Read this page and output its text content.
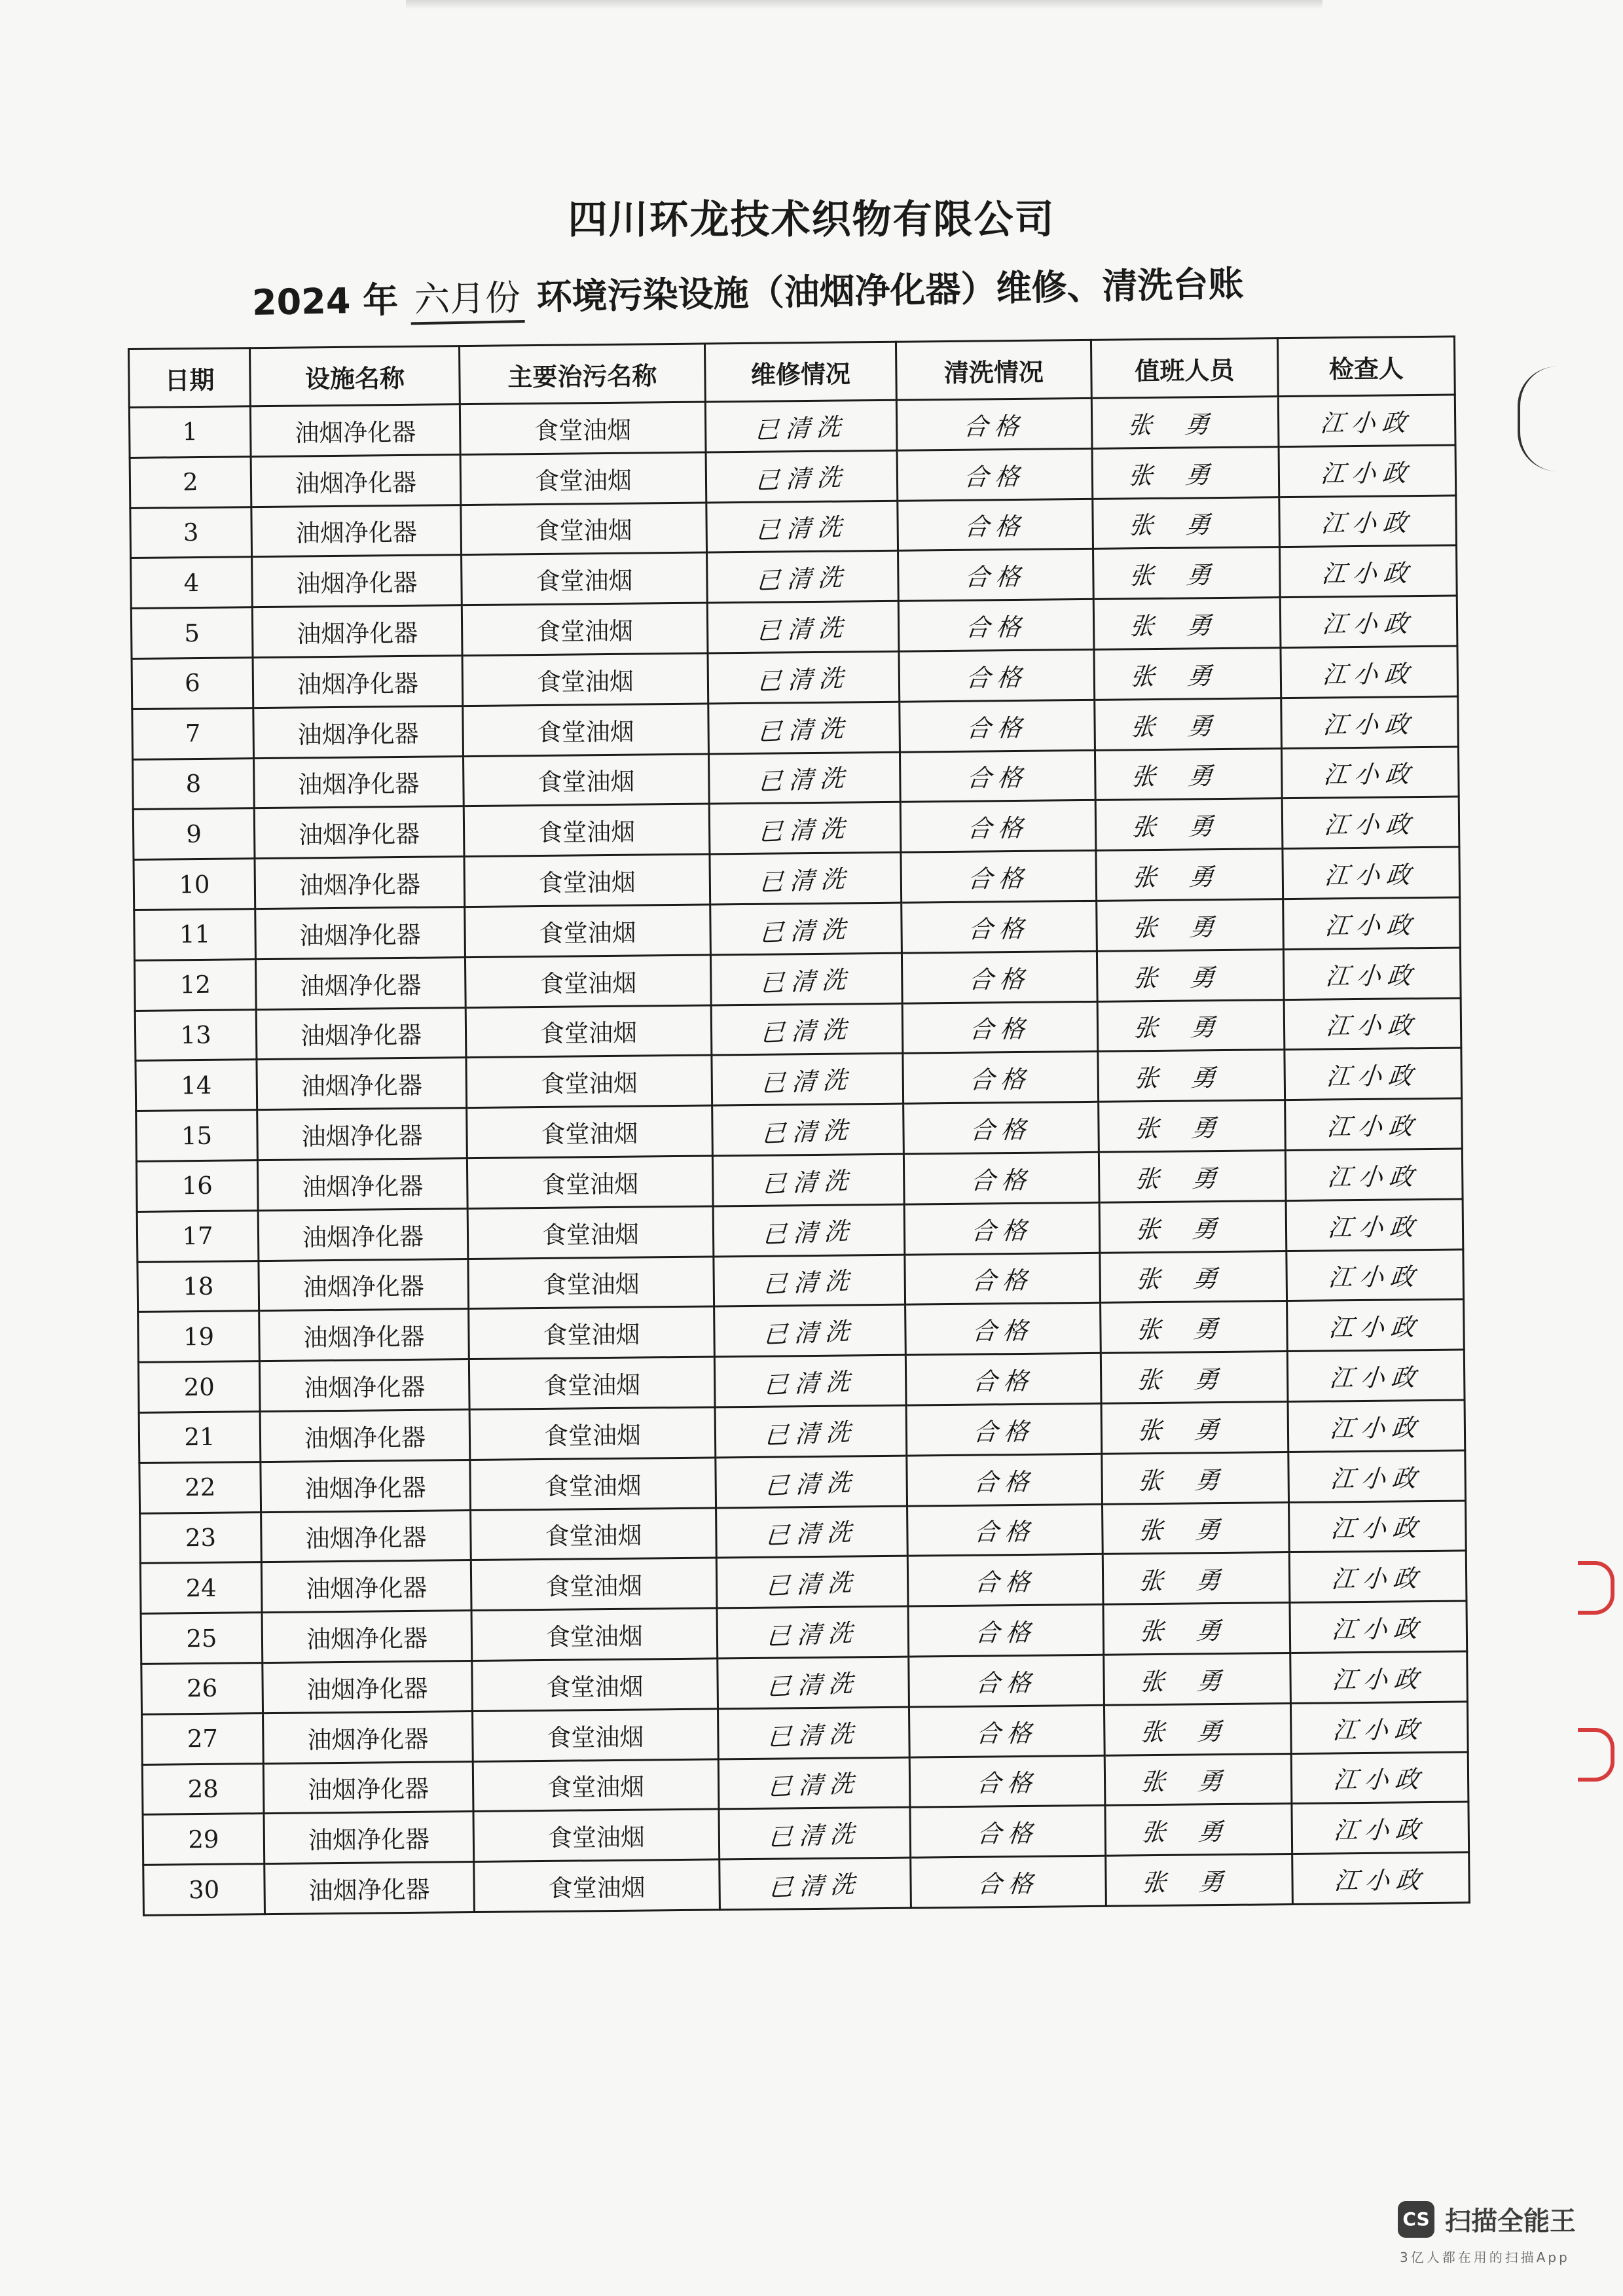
四川环龙技术织物有限公司
2024 年 六月份 环境污染设施（油烟净化器）维修、清洗台账
日期	设施名称	主要治污名称	维修情况	清洗情况	值班人员	检查人
1	油烟净化器	食堂油烟	已清洗	合格	张勇	江小政
2	油烟净化器	食堂油烟	已清洗	合格	张勇	江小政
3	油烟净化器	食堂油烟	已清洗	合格	张勇	江小政
4	油烟净化器	食堂油烟	已清洗	合格	张勇	江小政
5	油烟净化器	食堂油烟	已清洗	合格	张勇	江小政
6	油烟净化器	食堂油烟	已清洗	合格	张勇	江小政
7	油烟净化器	食堂油烟	已清洗	合格	张勇	江小政
8	油烟净化器	食堂油烟	已清洗	合格	张勇	江小政
9	油烟净化器	食堂油烟	已清洗	合格	张勇	江小政
10	油烟净化器	食堂油烟	已清洗	合格	张勇	江小政
11	油烟净化器	食堂油烟	已清洗	合格	张勇	江小政
12	油烟净化器	食堂油烟	已清洗	合格	张勇	江小政
13	油烟净化器	食堂油烟	已清洗	合格	张勇	江小政
14	油烟净化器	食堂油烟	已清洗	合格	张勇	江小政
15	油烟净化器	食堂油烟	已清洗	合格	张勇	江小政
16	油烟净化器	食堂油烟	已清洗	合格	张勇	江小政
17	油烟净化器	食堂油烟	已清洗	合格	张勇	江小政
18	油烟净化器	食堂油烟	已清洗	合格	张勇	江小政
19	油烟净化器	食堂油烟	已清洗	合格	张勇	江小政
20	油烟净化器	食堂油烟	已清洗	合格	张勇	江小政
21	油烟净化器	食堂油烟	已清洗	合格	张勇	江小政
22	油烟净化器	食堂油烟	已清洗	合格	张勇	江小政
23	油烟净化器	食堂油烟	已清洗	合格	张勇	江小政
24	油烟净化器	食堂油烟	已清洗	合格	张勇	江小政
25	油烟净化器	食堂油烟	已清洗	合格	张勇	江小政
26	油烟净化器	食堂油烟	已清洗	合格	张勇	江小政
27	油烟净化器	食堂油烟	已清洗	合格	张勇	江小政
28	油烟净化器	食堂油烟	已清洗	合格	张勇	江小政
29	油烟净化器	食堂油烟	已清洗	合格	张勇	江小政
30	油烟净化器	食堂油烟	已清洗	合格	张勇	江小政
CS 扫描全能王
3亿人都在用的扫描App
